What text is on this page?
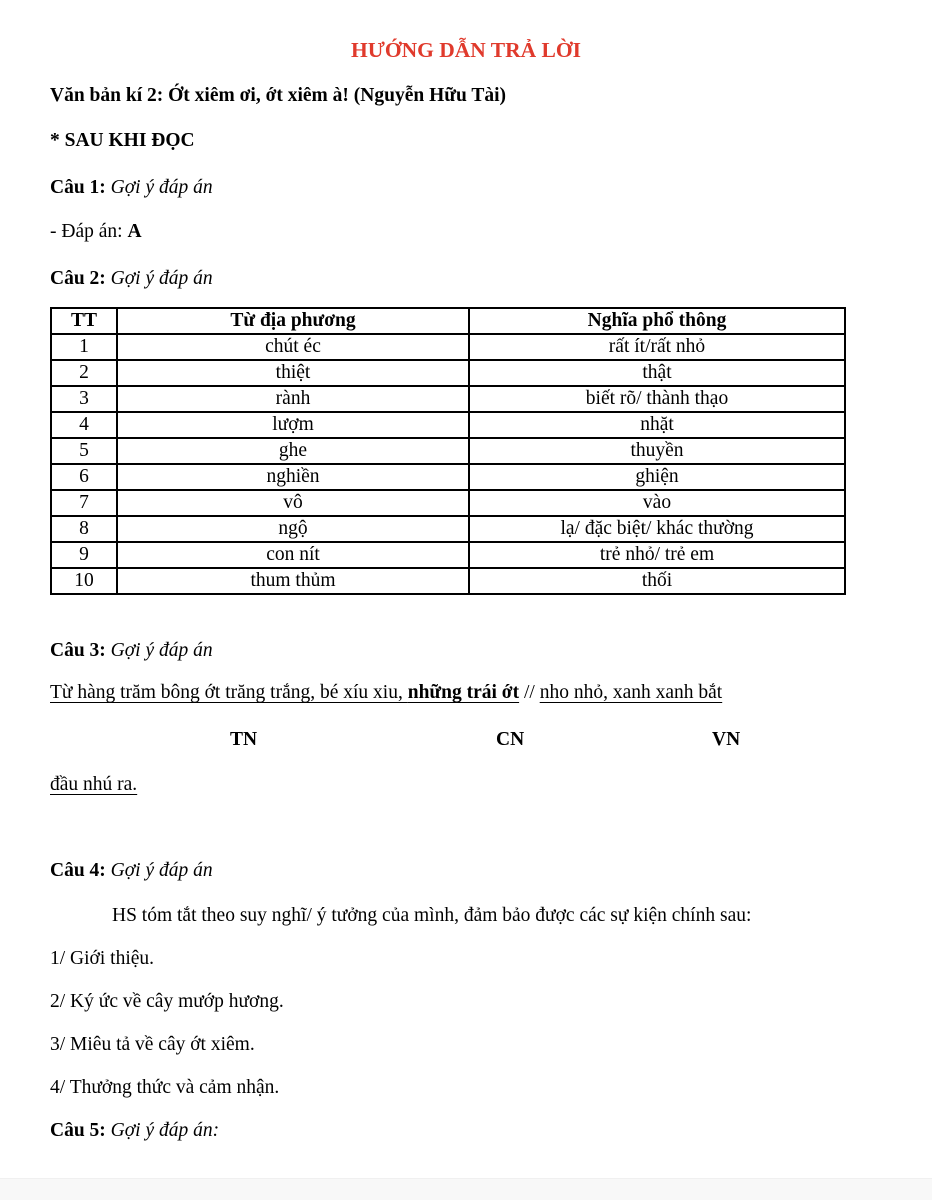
HƯỚNG DẪN TRẢ LỜI

Văn bản kí 2: Ớt xiêm ơi, ớt xiêm à! (Nguyễn Hữu Tài)

* SAU KHI ĐỌC

Câu 1: Gợi ý đáp án

- Đáp án: A

Câu 2: Gợi ý đáp án

TT	Từ địa phương	Nghĩa phổ thông
1	chút éc	rất ít/rất nhỏ
2	thiệt	thật
3	rành	biết rõ/ thành thạo
4	lượm	nhặt
5	ghe	thuyền
6	nghiền	ghiện
7	vô	vào
8	ngộ	lạ/ đặc biệt/ khác thường
9	con nít	trẻ nhỏ/ trẻ em
10	thum thủm	thối

Câu 3: Gợi ý đáp án

Từ hàng trăm bông ớt trăng trắng, bé xíu xiu, những trái ớt // nho nhỏ, xanh xanh bắt

TN	CN	VN

đầu nhú ra.

Câu 4: Gợi ý đáp án

HS tóm tắt theo suy nghĩ/ ý tưởng của mình, đảm bảo được các sự kiện chính sau:

1/ Giới thiệu.

2/ Ký ức về cây mướp hương.

3/ Miêu tả về cây ớt xiêm.

4/ Thưởng thức và cảm nhận.

Câu 5: Gợi ý đáp án:
